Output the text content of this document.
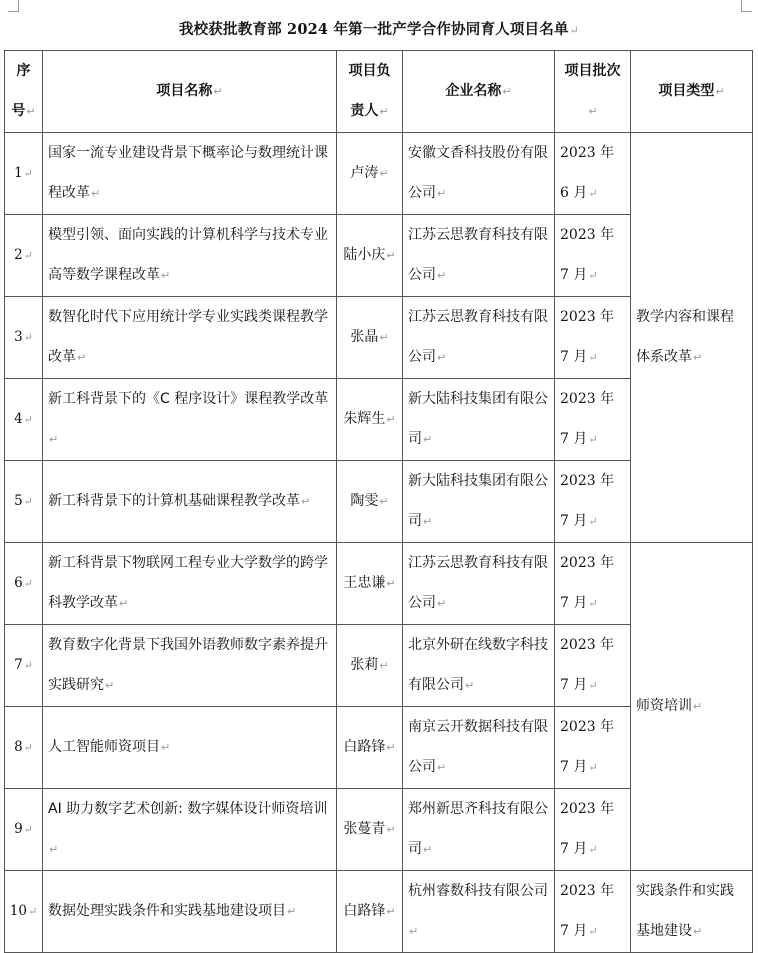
我校获批教育部 2024 年第一批产学合作协同育人项目名单↵
序号↵	项目名称↵	项目负责人↵	企业名称↵	项目批次↵	项目类型↵
1↵	国家一流专业建设背景下概率论与数理统计课程改革↵	卢涛↵	安徽文香科技股份有限公司↵	2023 年 6 月↵	教学内容和课程体系改革↵
2↵	模型引领、面向实践的计算机科学与技术专业高等数学课程改革↵	陆小庆↵	江苏云思教育科技有限公司↵	2023 年 7 月↵	
3↵	数智化时代下应用统计学专业实践类课程教学改革↵	张晶↵	江苏云思教育科技有限公司↵	2023 年 7 月↵	
4↵	新工科背景下的《C 程序设计》课程教学改革↵	朱辉生↵	新大陆科技集团有限公司↵	2023 年 7 月↵	
5↵	新工科背景下的计算机基础课程教学改革↵	陶雯↵	新大陆科技集团有限公司↵	2023 年 7 月↵	
6↵	新工科背景下物联网工程专业大学数学的跨学科教学改革↵	王忠谦↵	江苏云思教育科技有限公司↵	2023 年 7 月↵	师资培训↵
7↵	教育数字化背景下我国外语教师数字素养提升实践研究↵	张莉↵	北京外研在线数字科技有限公司↵	2023 年 7 月↵	
8↵	人工智能师资项目↵	白路锋↵	南京云开数据科技有限公司↵	2023 年 7 月↵	
9↵	AI 助力数字艺术创新: 数字媒体设计师资培训↵	张蔓青↵	郑州新思齐科技有限公司↵	2023 年 7 月↵	
10↵	数据处理实践条件和实践基地建设项目↵	白路锋↵	杭州睿数科技有限公司↵	2023 年 7 月↵	实践条件和实践基地建设↵
